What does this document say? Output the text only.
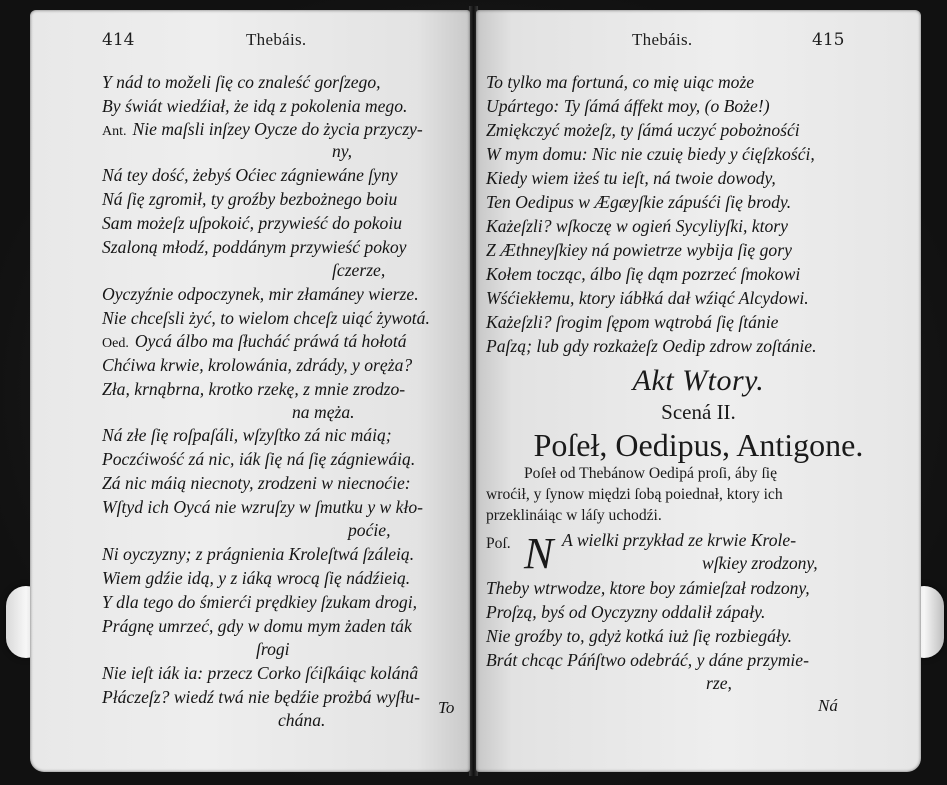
414	Thebáis.
Y nád to moželi ſię co znaleść gorſzego,
By świát wiedźiał, że idą z pokolenia mego.
Ant. Nie maſsli inſzey Oycze do życia przyczy-
ny,
Ná tey dość, żebyś Oćiec zágniewáne ſyny
Ná ſię zgromił, ty groźby bezbożnego boiu
Sam możeſz uſpokoić, przywieść do pokoiu
Szaloną młodź, poddánym przywieść pokoy
ſczerze,
Oyczyźnie odpoczynek, mir złamáney wierze.
Nie chceſsli żyć, to wielom chceſz uiąć żywotá.
Oed. Oycá álbo ma ſłucháć práwá tá hołotá
Chćiwa krwie, krolowánia, zdrády, y oręża?
Zła, krnąbrna, krotko rzekę, z mnie zrodzo-
na męża.
Ná złe ſię roſpaſáli, wſzyſtko zá nic máią;
Poczćiwość zá nic, iák ſię ná ſię zágniewáią.
Zá nic máią niecnoty, zrodzeni w niecnoćie:
Wſtyd ich Oycá nie wzruſzy w ſmutku y w kło-
poćie,
Ni oyczyzny; z prágnienia Kroleſtwá ſzáleią.
Wiem gdźie idą, y z iáką wrocą ſię nádźieią.
Y dla tego do śmierći prędkiey ſzukam drogi,
Prágnę umrzeć, gdy w domu mym żaden ták
ſrogi
Nie ieſt iák ia: przecz Corko ſćiſkáiąc kolánâ
Płáczeſz? wiedź twá nie będźie prożbá wyſłu-
chána.
To
Thebáis.	415
To tylko ma fortuná, co mię uiąc może
Upártego: Ty ſámá áffekt moy, (o Boże!)
Zmiękczyć możeſz, ty ſámá uczyć pobożnośći
W mym domu: Nic nie czuię biedy y ćięſzkośći,
Kiedy wiem iżeś tu ieſt, ná twoie dowody,
Ten Oedipus w Ægæyſkie zápuśći ſię brody.
Każeſzli? wſkoczę w ogień Sycyliyſki, ktory
Z Æthneyſkiey ná powietrze wybija ſię gory
Kołem tocząc, álbo ſię dąm pozrzeć ſmokowi
Wśćiekłemu, ktory iábłká dał wźiąć Alcydowi.
Każeſzli? ſrogim ſępom wątrobá ſię ſtánie
Paſzą; lub gdy rozkażeſz Oedip zdrow zoſtánie.
Akt Wtory.
Scená II.
Poſeł, Oedipus, Antigone.
Poſeł od Thebánow Oedipá proſi, áby ſię
wroćił, y ſynow międzi ſobą poiednał, ktory ich
przeklináiąc w láſy uchodźi.
Poſ. N A wielki przykład ze krwie Krole-
wſkiey zrodzony,
Theby wtrwodze, ktore boy zámieſzał rodzony,
Proſzą, byś od Oyczyzny oddalił zápały.
Nie groźby to, gdyż kotká iuż ſię rozbiegáły.
Brát chcąc Páńſtwo odebráć, y dáne przymie-
rze,
Ná
